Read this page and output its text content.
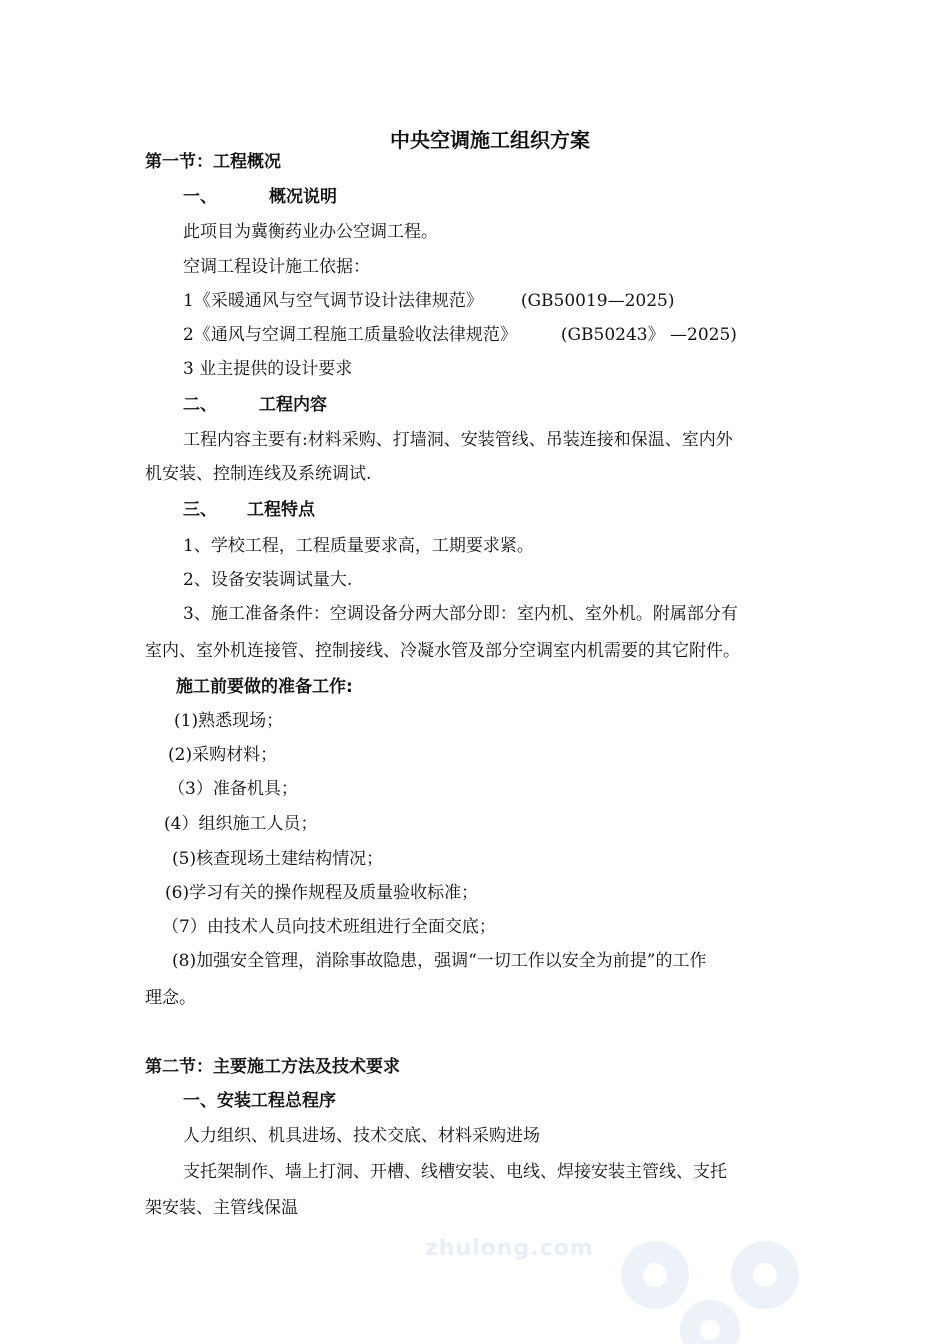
zhulong.com
中央空调施工组织方案
第一节：工程概况
一、	概况说明
此项目为冀衡药业办公空调工程。
空调工程设计施工依据：
1《采暖通风与空气调节设计法律规范》 (GB50019—2025)
2《通风与空调工程施工质量验收法律规范》	(GB50243》 —2025)
3 业主提供的设计要求
二、 工程内容
工程内容主要有:材料采购、打墙洞、安装管线、吊装连接和保温、室内外
机安装、控制连线及系统调试.
三、 工程特点
1、学校工程，工程质量要求高，工期要求紧。
2、设备安装调试量大.
3、施工准备条件：空调设备分两大部分即：室内机、室外机。附属部分有
室内、室外机连接管、控制接线、冷凝水管及部分空调室内机需要的其它附件。
施工前要做的准备工作:
(1)熟悉现场；
(2)采购材料；
（3）准备机具；
(4）组织施工人员；
(5)核查现场土建结构情况；
(6)学习有关的操作规程及质量验收标准；
（7）由技术人员向技术班组进行全面交底；
(8)加强安全管理，消除事故隐患，强调“一切工作以安全为前提”的工作
理念。
第二节：主要施工方法及技术要求
一、安装工程总程序
人力组织、机具进场、技术交底、材料采购进场
支托架制作、墙上打洞、开槽、线槽安装、电线、焊接安装主管线、支托
架安装、主管线保温
